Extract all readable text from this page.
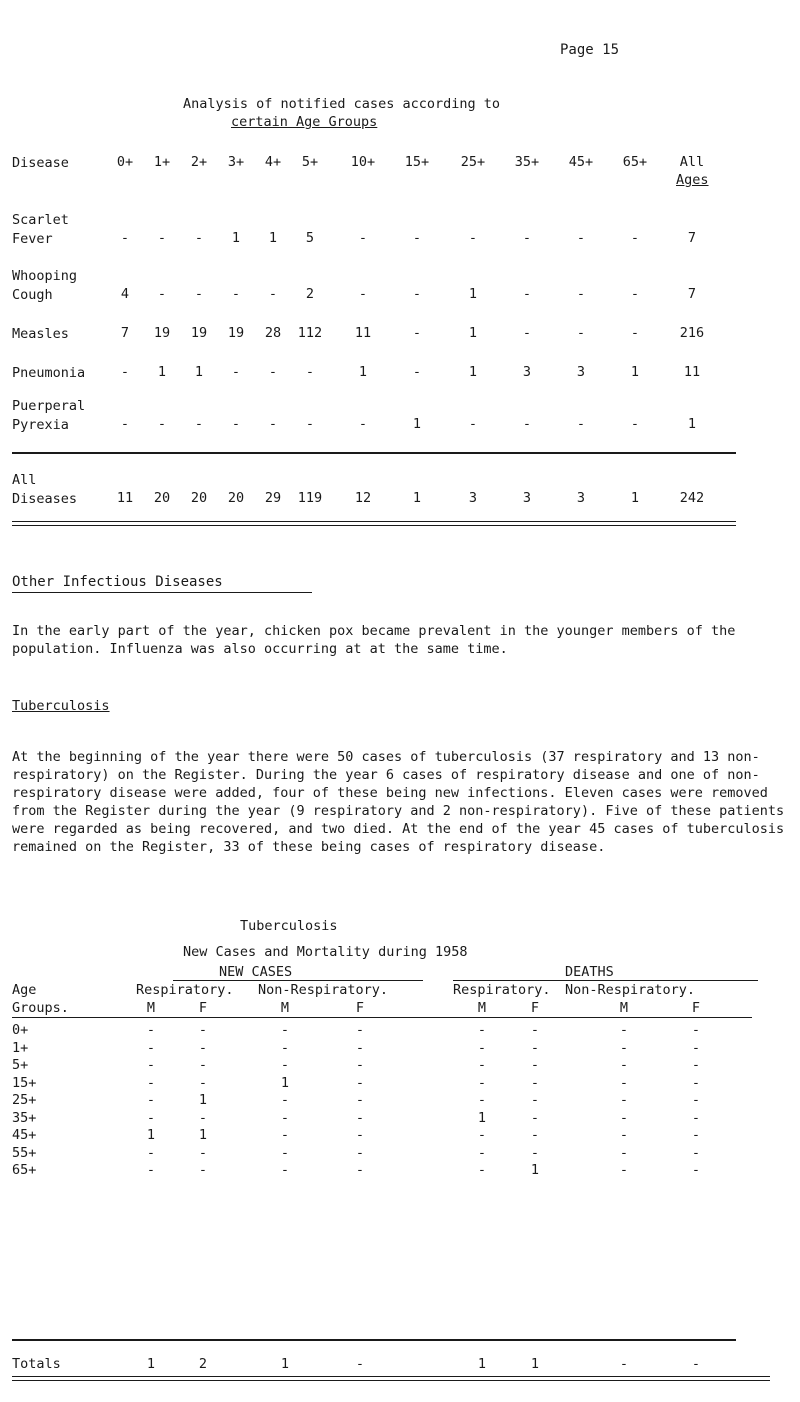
Page 15
Analysis of notified cases according to
certain Age Groups
Disease	0+	1+	2+	3+	4+	5+	10+	15+	25+	35+	45+	65+	All
Ages
Scarlet
Fever	-	-	-	1	1	5	-	-	-	-	-	-	7
Whooping
Cough	4	-	-	-	-	2	-	-	1	-	-	-	7
Measles	7	19	19	19	28	112	11	-	1	-	-	-	216
Pneumonia	-	1	1	-	-	-	1	-	1	3	3	1	11
Puerperal
Pyrexia	-	-	-	-	-	-	-	1	-	-	-	-	1
All
Diseases	11	20	20	20	29	119	12	1	3	3	3	1	242
Other Infectious Diseases
In the early part of the year, chicken pox became prevalent in the younger members of the population. Influenza was also occurring at at the same time.
Tuberculosis
At the beginning of the year there were 50 cases of tuberculosis (37 respiratory and 13 non-respiratory) on the Register. During the year 6 cases of respiratory disease and one of non-respiratory disease were added, four of these being new infections. Eleven cases were removed from the Register during the year (9 respiratory and 2 non-respiratory). Five of these patients were regarded as being recovered, and two died. At the end of the year 45 cases of tuberculosis remained on the Register, 33 of these being cases of respiratory disease.
Tuberculosis
New Cases and Mortality during 1958
NEW CASES	DEATHS
Age
Groups.
Respiratory. Non-Respiratory.	Respiratory. Non-Respiratory.
M	F	M	F	M	F	M	F
0+	-	-	-	-	-	-	-	-
1+	-	-	-	-	-	-	-	-
5+	-	-	-	-	-	-	-	-
15+	-	-	1	-	-	-	-	-
25+	-	1	-	-	-	-	-	-
35+	-	-	-	-	1	-	-	-
45+	1	1	-	-	-	-	-	-
55+	-	-	-	-	-	-	-	-
65+	-	-	-	-	-	1	-	-
Totals	1	2	1	-	1	1	-	-
